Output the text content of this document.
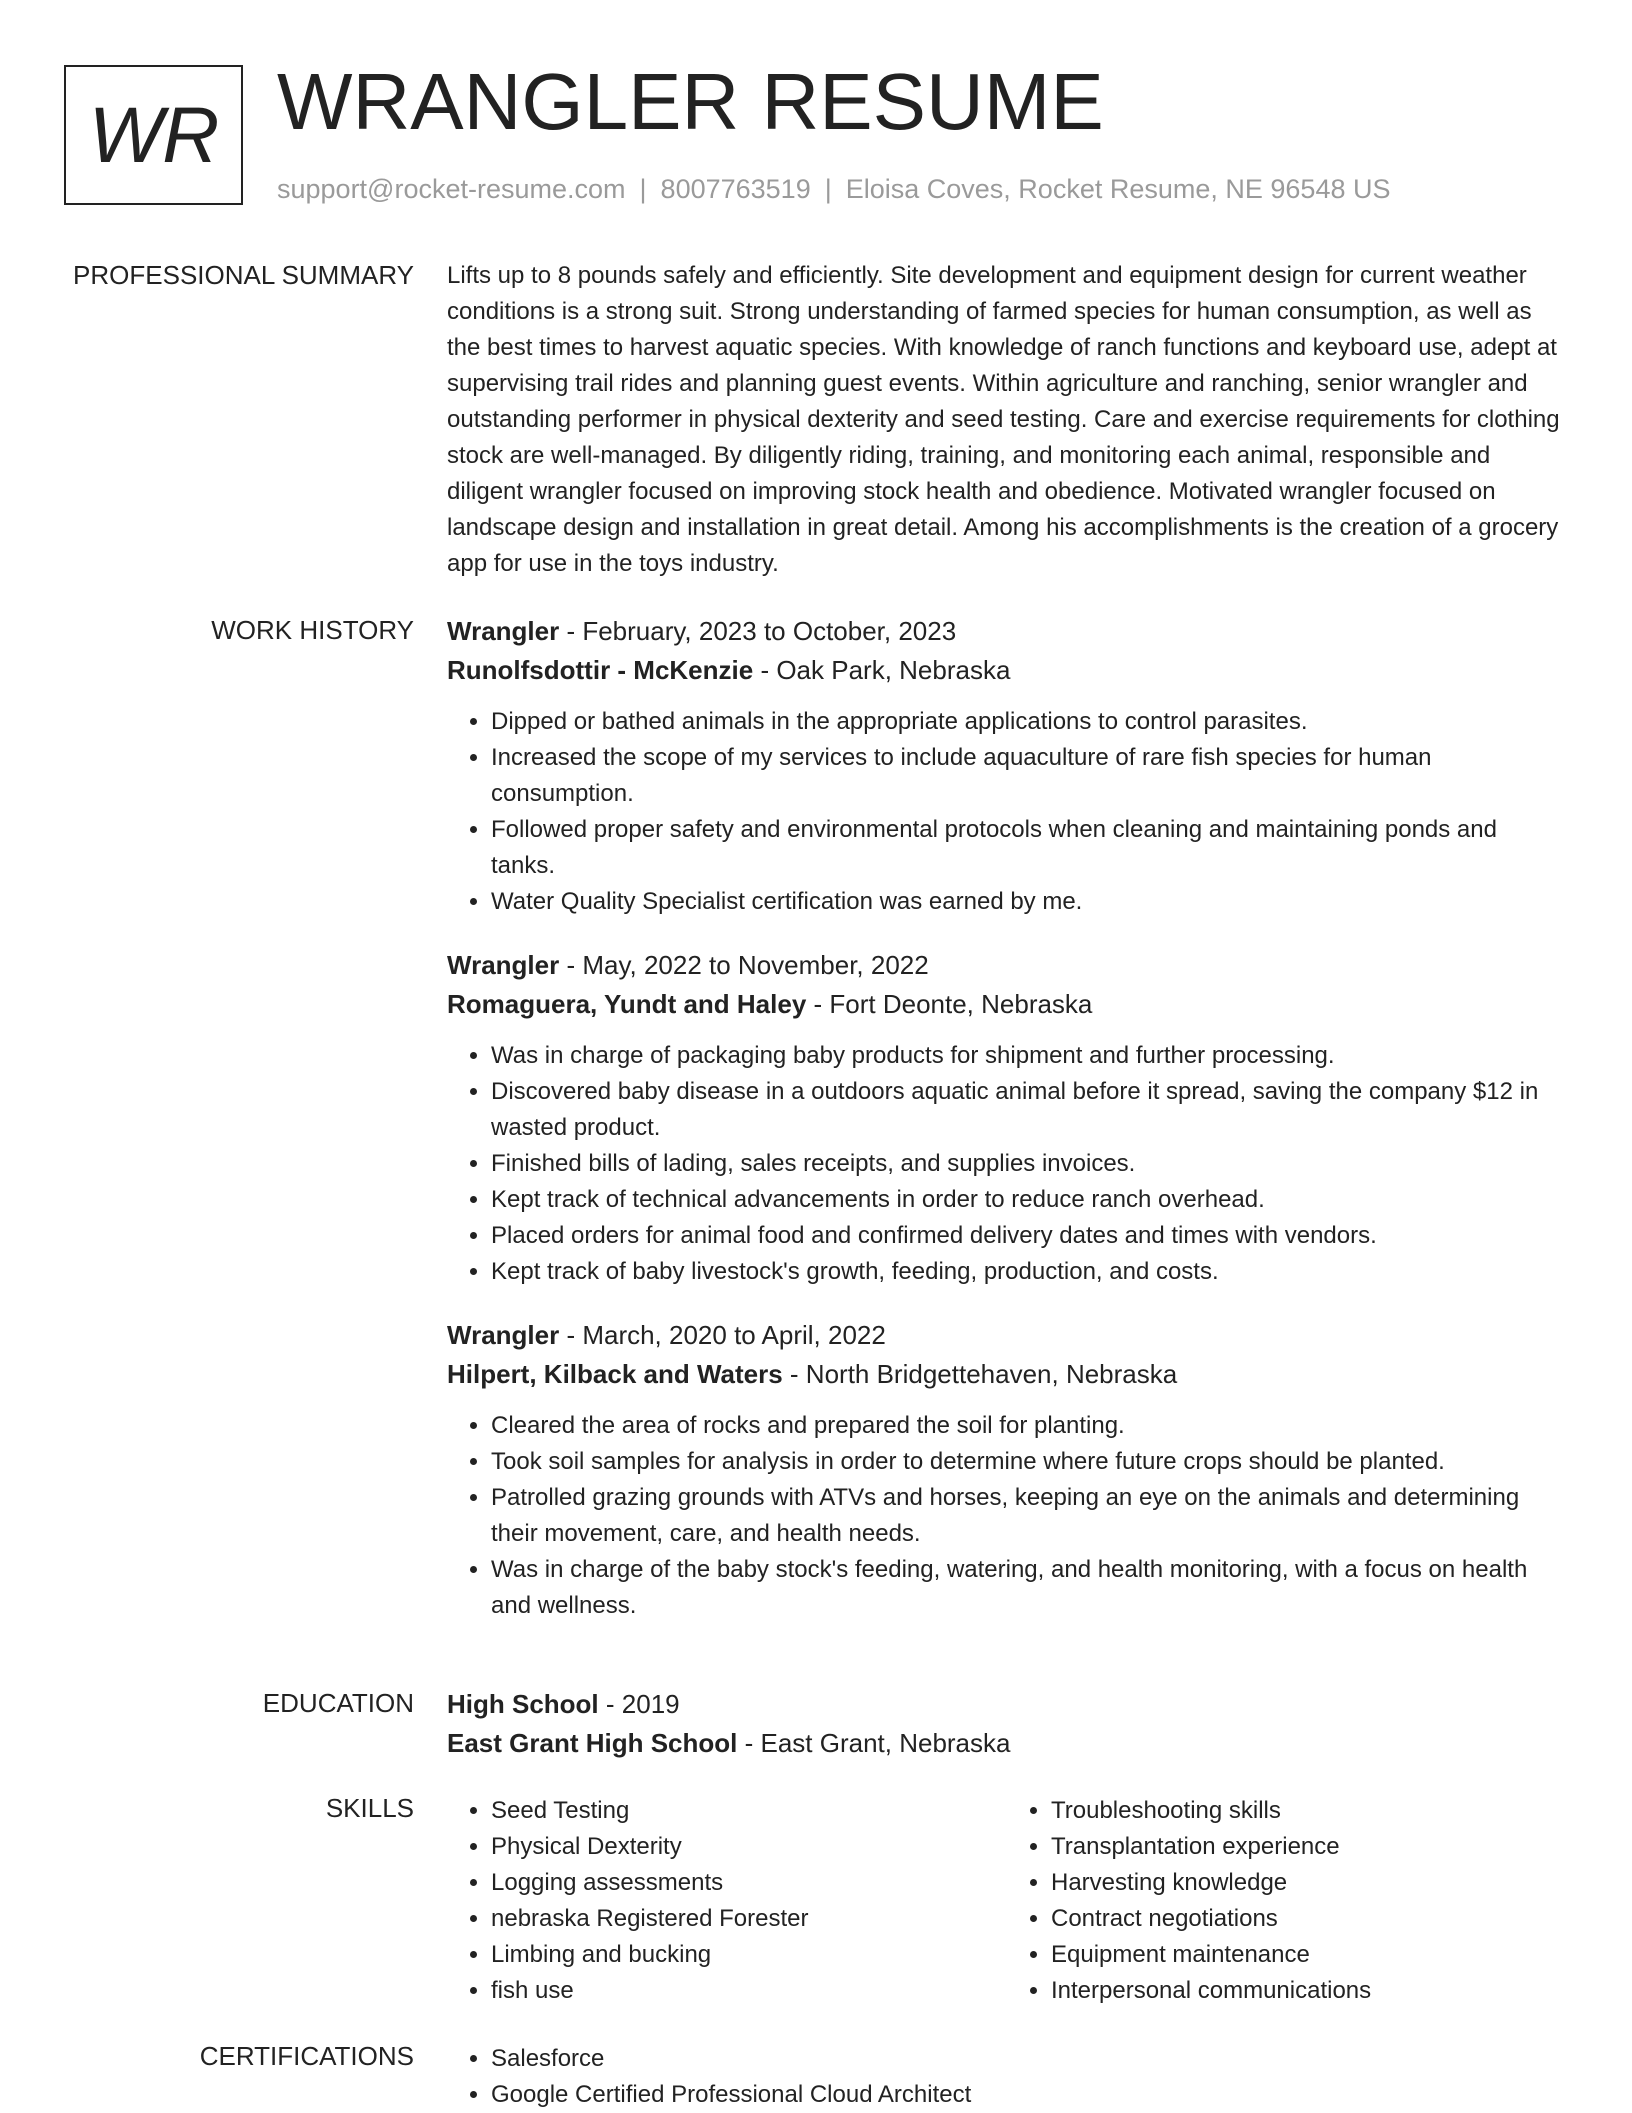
WR WRANGLER RESUME
support@rocket-resume.com | 8007763519 | Eloisa Coves, Rocket Resume, NE 96548 US
PROFESSIONAL SUMMARY Lifts up to 8 pounds safely and efficiently. Site development and equipment design for current weather conditions is a strong suit. Strong understanding of farmed species for human consumption, as well as the best times to harvest aquatic species. With knowledge of ranch functions and keyboard use, adept at supervising trail rides and planning guest events. Within agriculture and ranching, senior wrangler and outstanding performer in physical dexterity and seed testing. Care and exercise requirements for clothing stock are well-managed. By diligently riding, training, and monitoring each animal, responsible and diligent wrangler focused on improving stock health and obedience. Motivated wrangler focused on landscape design and installation in great detail. Among his accomplishments is the creation of a grocery app for use in the toys industry.

WORK HISTORY Wrangler - February, 2023 to October, 2023
Runolfsdottir - McKenzie - Oak Park, Nebraska
• Dipped or bathed animals in the appropriate applications to control parasites.
• Increased the scope of my services to include aquaculture of rare fish species for human consumption.
• Followed proper safety and environmental protocols when cleaning and maintaining ponds and tanks.
• Water Quality Specialist certification was earned by me.
Wrangler - May, 2022 to November, 2022
Romaguera, Yundt and Haley - Fort Deonte, Nebraska
• Was in charge of packaging baby products for shipment and further processing.
• Discovered baby disease in a outdoors aquatic animal before it spread, saving the company $12 in wasted product.
• Finished bills of lading, sales receipts, and supplies invoices.
• Kept track of technical advancements in order to reduce ranch overhead.
• Placed orders for animal food and confirmed delivery dates and times with vendors.
• Kept track of baby livestock's growth, feeding, production, and costs.
Wrangler - March, 2020 to April, 2022
Hilpert, Kilback and Waters - North Bridgettehaven, Nebraska
• Cleared the area of rocks and prepared the soil for planting.
• Took soil samples for analysis in order to determine where future crops should be planted.
• Patrolled grazing grounds with ATVs and horses, keeping an eye on the animals and determining their movement, care, and health needs.
• Was in charge of the baby stock's feeding, watering, and health monitoring, with a focus on health and wellness.
EDUCATION High School - 2019
East Grant High School - East Grant, Nebraska
SKILLS	• Seed Testing
• Physical Dexterity
• Logging assessments
• nebraska Registered Forester
• Limbing and bucking
• fish use
• Troubleshooting skills
• Transplantation experience
• Harvesting knowledge
• Contract negotiations
• Equipment maintenance
• Interpersonal communications
CERTIFICATIONS	• Salesforce
• Google Certified Professional Cloud Architect
